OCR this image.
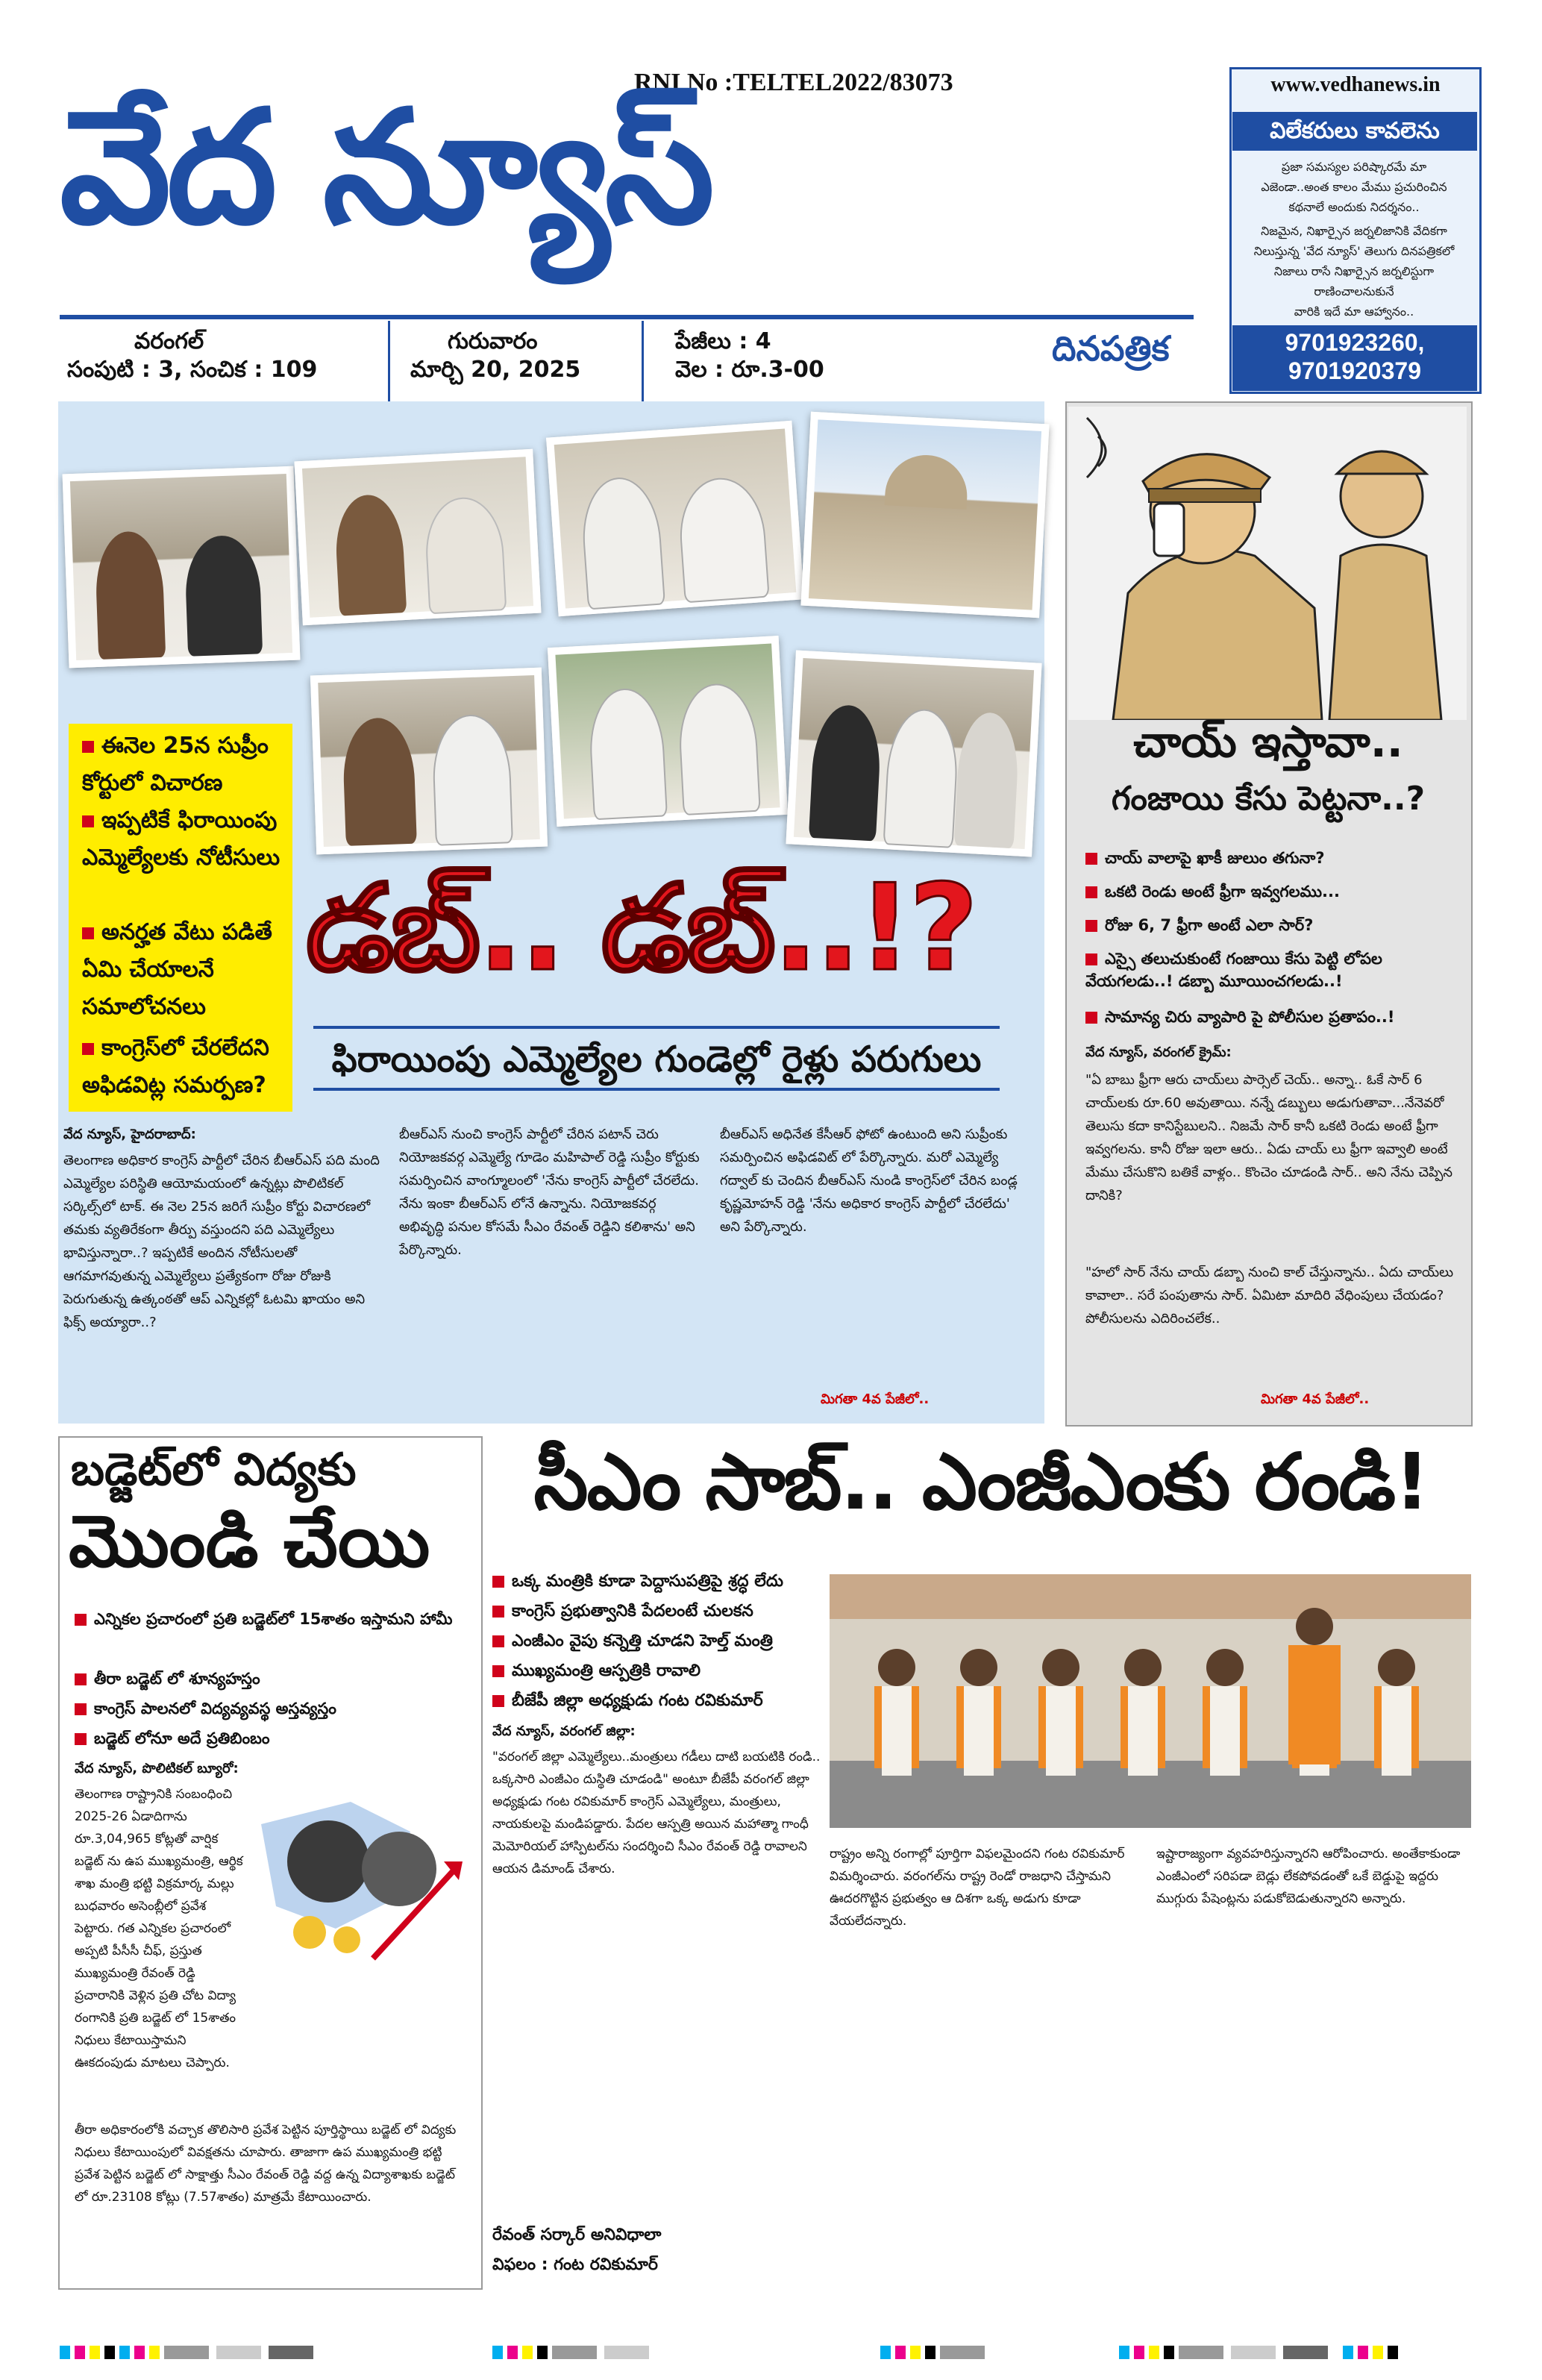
RNI No :TELTEL2022/83073
వేద న్యూస్
వరంగల్
సంపుటి : 3, సంచిక : 109
గురువారం
మార్చి 20, 2025
పేజీలు : 4
వెల : రూ.3-00
దినపత్రిక
www.vedhanews.in
విలేకరులు కావలెను
ప్రజా సమస్యల పరిష్కారమే మా
ఎజెండా..అంత కాలం మేము ప్రచురించిన
కథనాలే అందుకు నిదర్శనం..
నిజమైన, నిఖార్సైన జర్నలిజానికి వేదికగా
నిలుస్తున్న 'వేద న్యూస్' తెలుగు దినపత్రికలో
నిజాలు రాసే నిఖార్సైన జర్నలిస్టుగా
రాణించాలనుకునే
వారికి ఇదే మా ఆహ్వానం..
9701923260,
9701920379
ఈనెల 25న సుప్రీం కోర్టులో విచారణ
ఇప్పటికే ఫిరాయింపు ఎమ్మెల్యేలకు నోటీసులు
అనర్హత వేటు పడితే ఏమి చేయాలనే సమాలోచనలు
కాంగ్రెస్‌లో చేరలేదని అఫిడవిట్ల సమర్పణ?
డబ్.. డబ్..!?
ఫిరాయింపు ఎమ్మెల్యేల గుండెల్లో రైళ్లు పరుగులు
వేద న్యూస్, హైదరాబాద్:
తెలంగాణ అధికార కాంగ్రెస్ పార్టీలో చేరిన బీఆర్ఎస్ పది మంది ఎమ్మెల్యేల పరిస్థితి ఆయోమయంలో ఉన్నట్లు పొలిటికల్ సర్కిల్స్‌లో టాక్. ఈ నెల 25న జరిగే సుప్రీం కోర్టు విచారణలో తమకు వ్యతిరేకంగా తీర్పు వస్తుందని పది ఎమ్మెల్యేలు భావిస్తున్నారా..? ఇప్పటికే అందిన నోటీసులతో ఆగమాగవుతున్న ఎమ్మెల్యేలు ప్రత్యేకంగా రోజు రోజుకి పెరుగుతున్న ఉత్కంఠతో ఆప్ ఎన్నికల్లో ఓటమి ఖాయం అని ఫిక్స్ అయ్యారా..?
బీఆర్ఎస్ నుంచి కాంగ్రెస్ పార్టీలో చేరిన పటాన్ చెరు నియోజకవర్గ ఎమ్మెల్యే గూడెం మహిపాల్ రెడ్డి సుప్రీం కోర్టుకు సమర్పించిన వాంగ్మూలంలో 'నేను కాంగ్రెస్ పార్టీలో చేరలేదు. నేను ఇంకా బీఆర్ఎస్ లోనే ఉన్నాను. నియోజకవర్గ అభివృద్ధి పనుల కోసమే సీఎం రేవంత్ రెడ్డిని కలిశాను' అని పేర్కొన్నారు.
బీఆర్ఎస్ అధినేత కేసీఆర్ ఫోటో ఉంటుంది అని సుప్రీంకు సమర్పించిన అఫిడవిట్ లో పేర్కొన్నారు. మరో ఎమ్మెల్యే గద్వాల్ కు చెందిన బీఆర్ఎస్ నుండి కాంగ్రెస్‌లో చేరిన బండ్ల కృష్ణమోహన్ రెడ్డి 'నేను అధికార కాంగ్రెస్ పార్టీలో చేరలేదు' అని పేర్కొన్నారు.
మిగతా 4వ పేజీలో..
చాయ్ ఇస్తావా..
గంజాయి కేసు పెట్టనా..?
చాయ్ వాలాపై ఖాకీ జులుం తగునా?
ఒకటి రెండు అంటే ఫ్రీగా ఇవ్వగలము...
రోజు 6, 7 ఫ్రీగా అంటే ఎలా సార్?
ఎస్సై తలుచుకుంటే గంజాయి కేసు పెట్టి లోపల వేయగలడు..! డబ్బా మూయించగలడు..!
సామాన్య చిరు వ్యాపారి పై పోలీసుల ప్రతాపం..!
వేద న్యూస్, వరంగల్ క్రైమ్:
"ఏ బాబు ఫ్రీగా ఆరు చాయ్‌లు పార్సెల్ చెయ్.. అన్నా.. ఓకే సార్ 6 చాయ్‌లకు రూ.60 అవుతాయి. నన్నే డబ్బులు అడుగుతావా...నేనెవరో తెలుసు కదా కానిస్టేబులని.. నిజమే సార్ కానీ ఒకటి రెండు అంటే ఫ్రీగా ఇవ్వగలను. కానీ రోజు ఇలా ఆరు.. ఏడు చాయ్ లు ఫ్రీగా ఇవ్వాలి అంటే మేము చేసుకొని బతికే వాళ్లం.. కొంచెం చూడండి సార్.. అని నేను చెప్పిన దానికి?
"హలో సార్ నేను చాయ్ డబ్బా నుంచి కాల్ చేస్తున్నాను.. ఏదు చాయ్‌లు కావాలా.. సరే పంపుతాను సార్. ఏమిటా మాదిరి వేధింపులు చేయడం? పోలీసులను ఎదిరించలేక..
మిగతా 4వ పేజీలో..
బడ్జెట్‌లో విద్యకు
మొండి చేయి
ఎన్నికల ప్రచారంలో ప్రతి బడ్జెట్‌లో 15శాతం ఇస్తామని హామీ
తీరా బడ్జెట్ లో శూన్యహస్తం
కాంగ్రెస్ పాలనలో విద్యవ్యవస్థ అస్తవ్యస్తం
బడ్జెట్ లోనూ అదే ప్రతిబింబం
వేద న్యూస్, పొలిటికల్ బ్యూరో:
తెలంగాణ రాష్ట్రానికి సంబంధించి 2025-26 ఏడాదిగాను రూ.3,04,965 కోట్లతో వార్షిక బడ్జెట్ ను ఉప ముఖ్యమంత్రి, ఆర్థిక శాఖ మంత్రి భట్టి విక్రమార్క మల్లు బుధవారం అసెంబ్లీలో ప్రవేశ పెట్టారు. గత ఎన్నికల ప్రచారంలో అప్పటి పీసీసీ చీఫ్, ప్రస్తుత ముఖ్యమంత్రి రేవంత్ రెడ్డి ప్రచారానికి వెళ్లిన ప్రతి చోట విద్యా రంగానికి ప్రతి బడ్జెట్ లో 15శాతం నిధులు కేటాయిస్తామని ఊకదంపుడు మాటలు చెప్పారు.
తీరా అధికారంలోకి వచ్చాక తొలిసారి ప్రవేశ పెట్టిన పూర్తిస్థాయి బడ్జెట్ లో విద్యకు నిధులు కేటాయింపులో వివక్షతను చూపారు. తాజాగా ఉప ముఖ్యమంత్రి భట్టి ప్రవేశ పెట్టిన బడ్జెట్ లో సాక్షాత్తు సీఎం రేవంత్ రెడ్డి వద్ద ఉన్న విద్యాశాఖకు బడ్జెట్ లో రూ.23108 కోట్లు (7.57శాతం) మాత్రమే కేటాయించారు.
సీఎం సాబ్.. ఎంజీఎంకు రండి!
ఒక్క మంత్రికి కూడా పెద్దాసుపత్రిపై శ్రద్ధ లేదు
కాంగ్రెస్ ప్రభుత్వానికి పేదలంటే చులకన
ఎంజీఎం వైపు కన్నెత్తి చూడని హెల్త్ మంత్రి
ముఖ్యమంత్రి ఆస్పత్రికి రావాలి
బీజేపీ జిల్లా అధ్యక్షుడు గంట రవికుమార్
వేద న్యూస్, వరంగల్ జిల్లా:
"వరంగల్ జిల్లా ఎమ్మెల్యేలు..మంత్రులు గడీలు దాటి బయటికి రండి.. ఒక్కసారి ఎంజీఎం దుస్థితి చూడండి" అంటూ బీజేపీ వరంగల్ జిల్లా అధ్యక్షుడు గంట రవికుమార్ కాంగ్రెస్ ఎమ్మెల్యేలు, మంత్రులు, నాయకులపై మండిపడ్డారు. పేదల ఆస్పత్రి అయిన మహాత్మా గాంధీ మెమోరియల్ హాస్పిటల్‌ను సందర్శించి సీఎం రేవంత్ రెడ్డి రావాలని ఆయన డిమాండ్ చేశారు.
రాష్ట్రం అన్ని రంగాల్లో పూర్తిగా విఫలమైందని గంట రవికుమార్ విమర్శించారు. వరంగల్‌ను రాష్ట్ర రెండో రాజధాని చేస్తామని ఊదరగొట్టిన ప్రభుత్వం ఆ దిశగా ఒక్క అడుగు కూడా వేయలేదన్నారు.
ఇష్టారాజ్యంగా వ్యవహరిస్తున్నారని ఆరోపించారు. అంతేకాకుండా ఎంజీఎంలో సరిపడా బెడ్లు లేకపోవడంతో ఒకే బెడ్డుపై ఇద్దరు ముగ్గురు పేషెంట్లను పడుకోబెడుతున్నారని అన్నారు.
రేవంత్ సర్కార్ అనివిధాలా
విఫలం : గంట రవికుమార్
